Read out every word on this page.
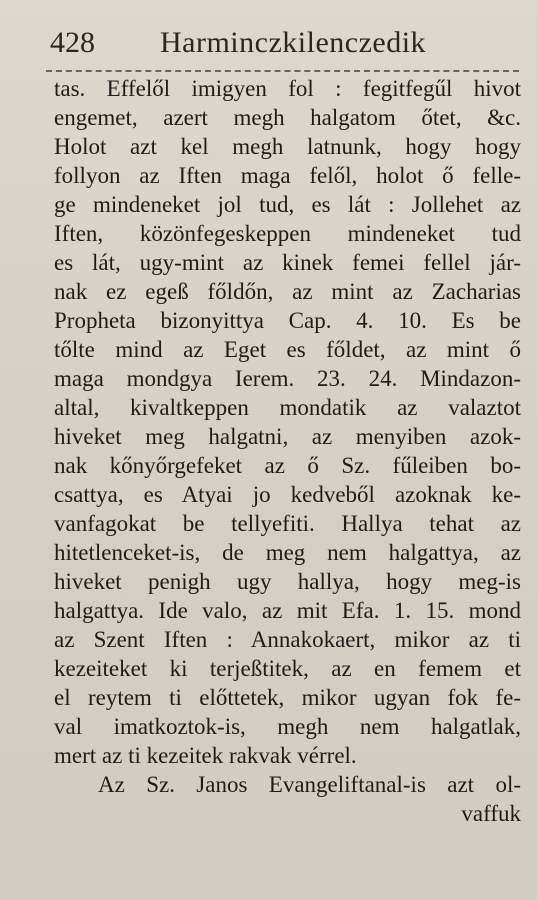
428 Harminczkilenczedik
tas. Effelől imigyen fol : fegitfegűl hivot
engemet, azert megh halgatom őtet, &c.
Holot azt kel megh latnunk, hogy hogy
follyon az Iften maga felől, holot ő felle-
ge mindeneket jol tud, es lát : Jollehet az
Iften, közönfegeskeppen mindeneket tud
es lát, ugy-mint az kinek femei fellel jár-
nak ez egeß főldőn, az mint az Zacharias
Propheta bizonyittya Cap. 4. 10. Es be
tőlte mind az Eget es főldet, az mint ő
maga mondgya Ierem. 23. 24. Mindazon-
altal, kivaltkeppen mondatik az valaztot
hiveket meg halgatni, az menyiben azok-
nak kőnyőrgefeket az ő Sz. fűleiben bo-
csattya, es Atyai jo kedveből azoknak ke-
vanfagokat be tellyefiti. Hallya tehat az
hitetlenceket-is, de meg nem halgattya, az
hiveket penigh ugy hallya, hogy meg-is
halgattya. Ide valo, az mit Efa. 1. 15. mond
az Szent Iften : Annakokaert, mikor az ti
kezeiteket ki terjeßtitek, az en femem et
el reytem ti előttetek, mikor ugyan fok fe-
val imatkoztok-is, megh nem halgatlak,
mert az ti kezeitek rakvak vérrel.
Az Sz. Janos Evangeliftanal-is azt ol-
vaffuk
